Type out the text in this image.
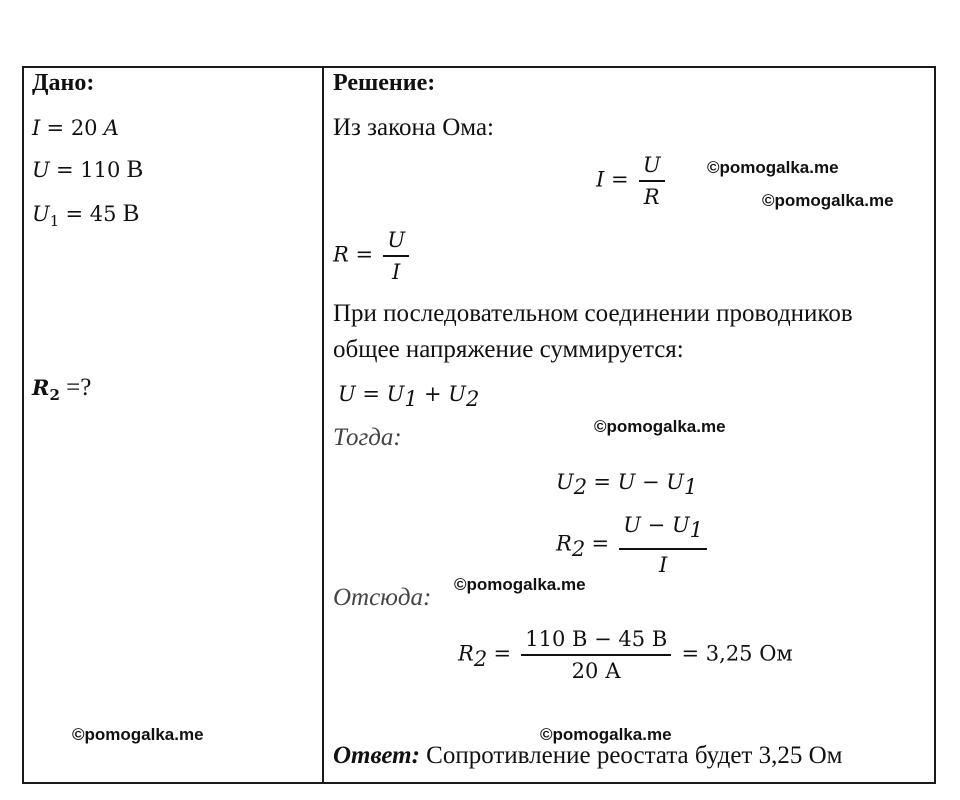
Дано:
I = 20 A
U = 110 В
$U_1 = 45$ В
$R_2$ =?
Решение:
Из закона Ома:
$I = \frac{U}{R}$
$R = \frac{U}{I}$
При последовательном соединении проводников
общее напряжение суммируется:
$U = U_1 + U_2$
Тогда:
$U_2 = U - U_1$
$R_2 = \frac{U - U_1}{I}$
Отсюда:
$R_2 = \frac{110 В - 45 В}{20 А} = 3,25$ Ом
Ответ: Сопротивление реостата будет 3,25 Ом
©pomogalka.me
©pomogalka.me
©pomogalka.me
©pomogalka.me
©pomogalka.me	©pomogalka.me
